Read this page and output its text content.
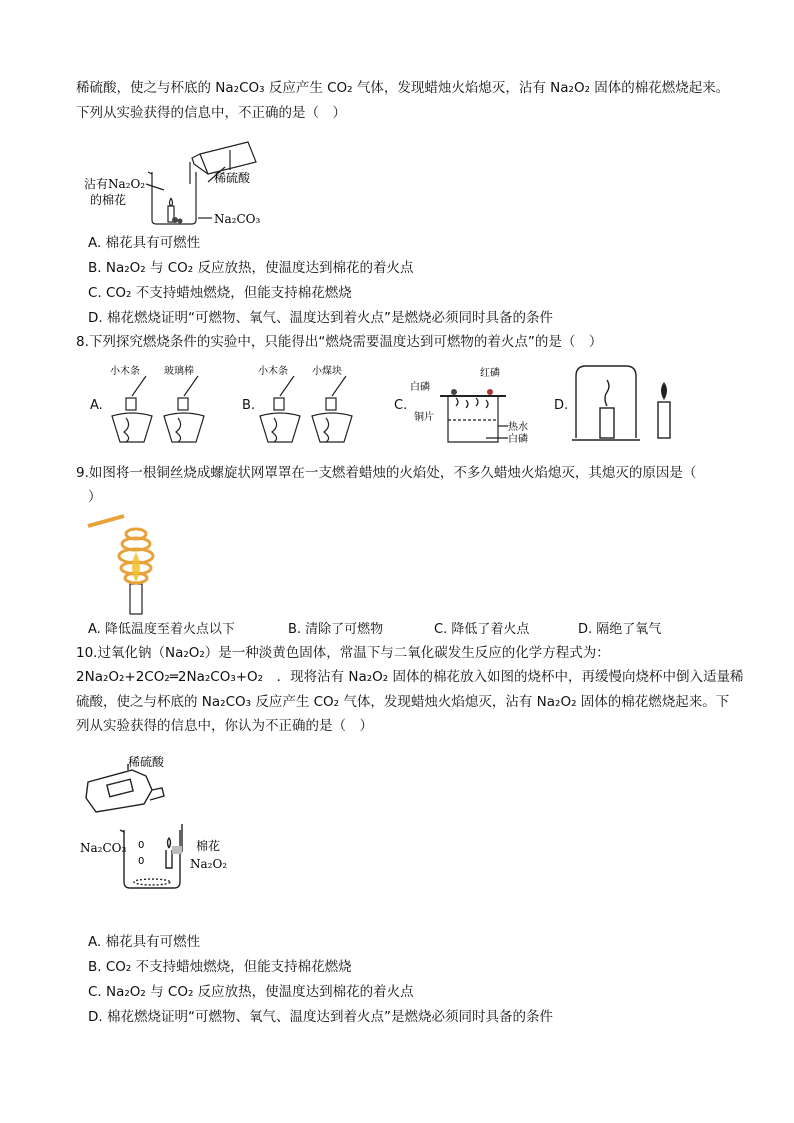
稀硫酸，使之与杯底的 Na₂CO₃ 反应产生 CO₂ 气体，发现蜡烛火焰熄灭，沾有 Na₂O₂ 固体的棉花燃烧起来。
下列从实验获得的信息中，不正确的是（　）
沾有Na₂O₂
的棉花
稀硫酸
Na₂CO₃
A. 棉花具有可燃性
B. Na₂O₂ 与 CO₂ 反应放热，使温度达到棉花的着火点
C. CO₂ 不支持蜡烛燃烧，但能支持棉花燃烧
D. 棉花燃烧证明“可燃物、氧气、温度达到着火点”是燃烧必须同时具备的条件
8.下列探究燃烧条件的实验中，只能得出“燃烧需要温度达到可燃物的着火点”的是（　）
A.
小木条 玻璃棒
B.
小木条 小煤块
C.
白磷
红磷
铜片
热水
白磷
D.
9.如图将一根铜丝烧成螺旋状网罩罩在一支燃着蜡烛的火焰处，不多久蜡烛火焰熄灭，其熄灭的原因是（
）
A. 降低温度至着火点以下	B. 清除了可燃物	C. 降低了着火点	D. 隔绝了氧气
10.过氧化钠（Na₂O₂）是一种淡黄色固体，常温下与二氧化碳发生反应的化学方程式为：
2Na₂O₂+2CO₂═2Na₂CO₃+O₂　．现将沾有 Na₂O₂ 固体的棉花放入如图的烧杯中，再缓慢向烧杯中倒入适量稀
硫酸，使之与杯底的 Na₂CO₃ 反应产生 CO₂ 气体，发现蜡烛火焰熄灭，沾有 Na₂O₂ 固体的棉花燃烧起来。下
列从实验获得的信息中，你认为不正确的是（　）
0
0
稀硫酸
Na₂CO₃	棉花
Na₂O₂
A. 棉花具有可燃性
B. CO₂ 不支持蜡烛燃烧，但能支持棉花燃烧
C. Na₂O₂ 与 CO₂ 反应放热，使温度达到棉花的着火点
D. 棉花燃烧证明“可燃物、氧气、温度达到着火点”是燃烧必须同时具备的条件
